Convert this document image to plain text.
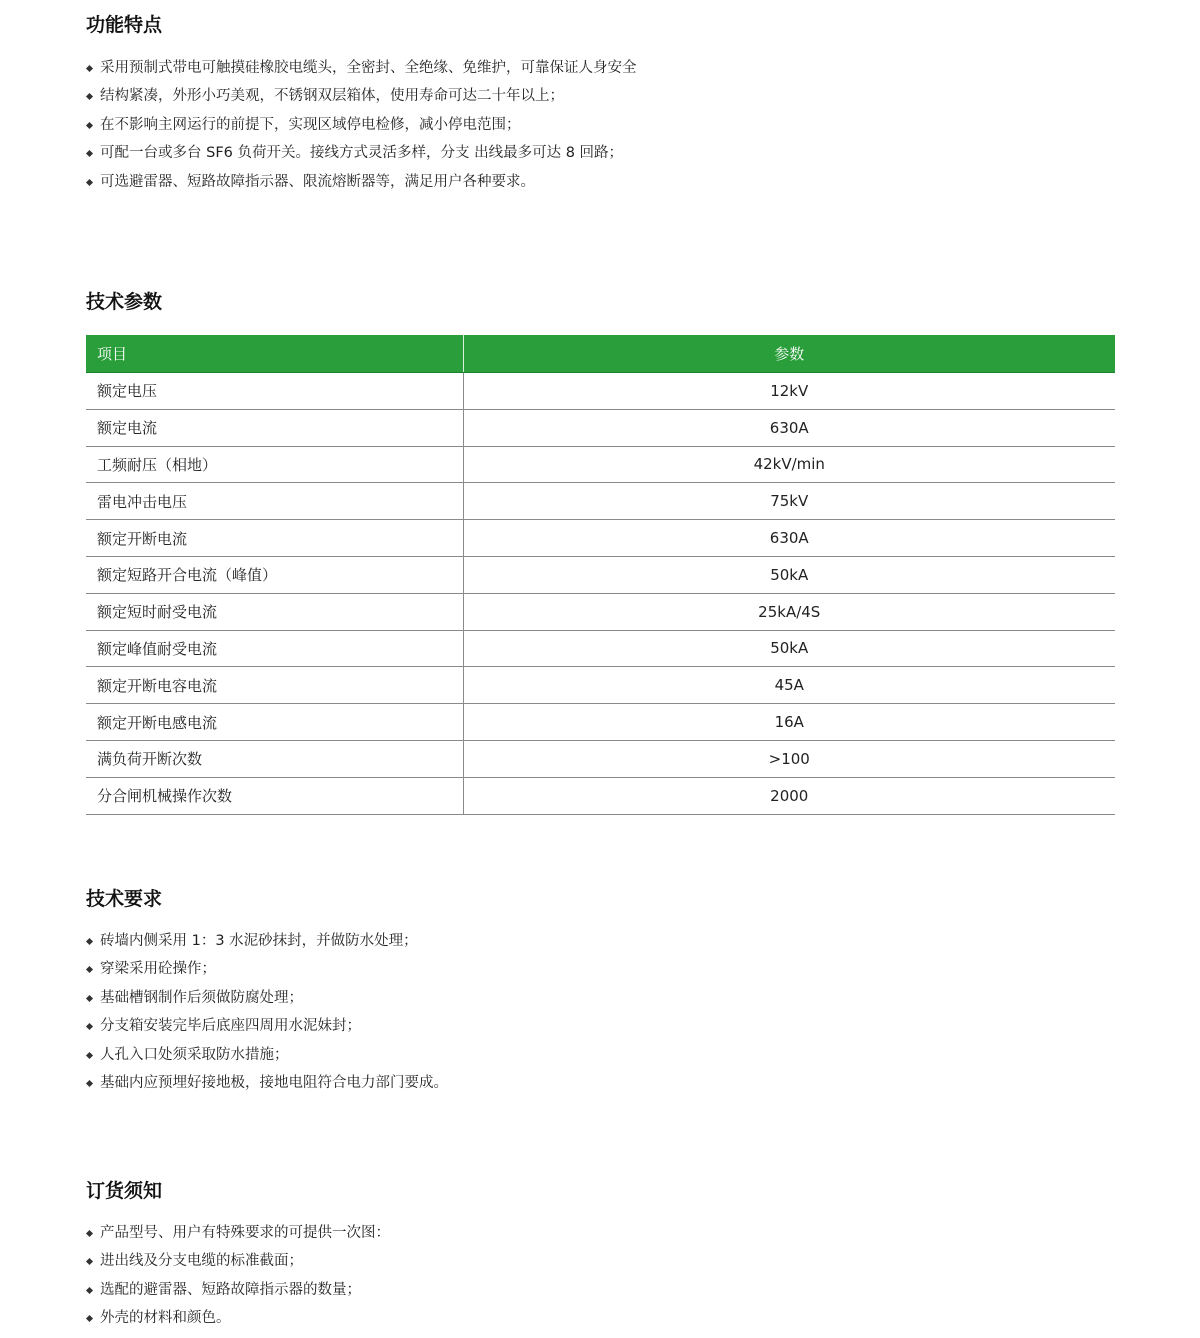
功能特点
采用预制式带电可触摸硅橡胶电缆头，全密封、全绝缘、免维护，可靠保证人身安全
结构紧凑，外形小巧美观，不锈钢双层箱体，使用寿命可达二十年以上；
在不影响主网运行的前提下，实现区域停电检修，减小停电范围；
可配一台或多台 SF6 负荷开关。接线方式灵活多样，分支 出线最多可达 8 回路；
可选避雷器、短路故障指示器、限流熔断器等，满足用户各种要求。
技术参数
项目	参数
额定电压	12kV
额定电流	630A
工频耐压（相地）	42kV/min
雷电冲击电压	75kV
额定开断电流	630A
额定短路开合电流（峰值）	50kA
额定短时耐受电流	25kA/4S
额定峰值耐受电流	50kA
额定开断电容电流	45A
额定开断电感电流	16A
满负荷开断次数	>100
分合闸机械操作次数	2000
技术要求
砖墙内侧采用 1：3 水泥砂抹封，并做防水处理；
穿梁采用砼操作；
基础槽钢制作后须做防腐处理；
分支箱安装完毕后底座四周用水泥妹封；
人孔入口处须采取防水措施；
基础内应预埋好接地极，接地电阻符合电力部门要成。
订货须知
产品型号、用户有特殊要求的可提供一次图：
进出线及分支电缆的标准截面；
选配的避雷器、短路故障指示器的数量；
外壳的材料和颜色。
